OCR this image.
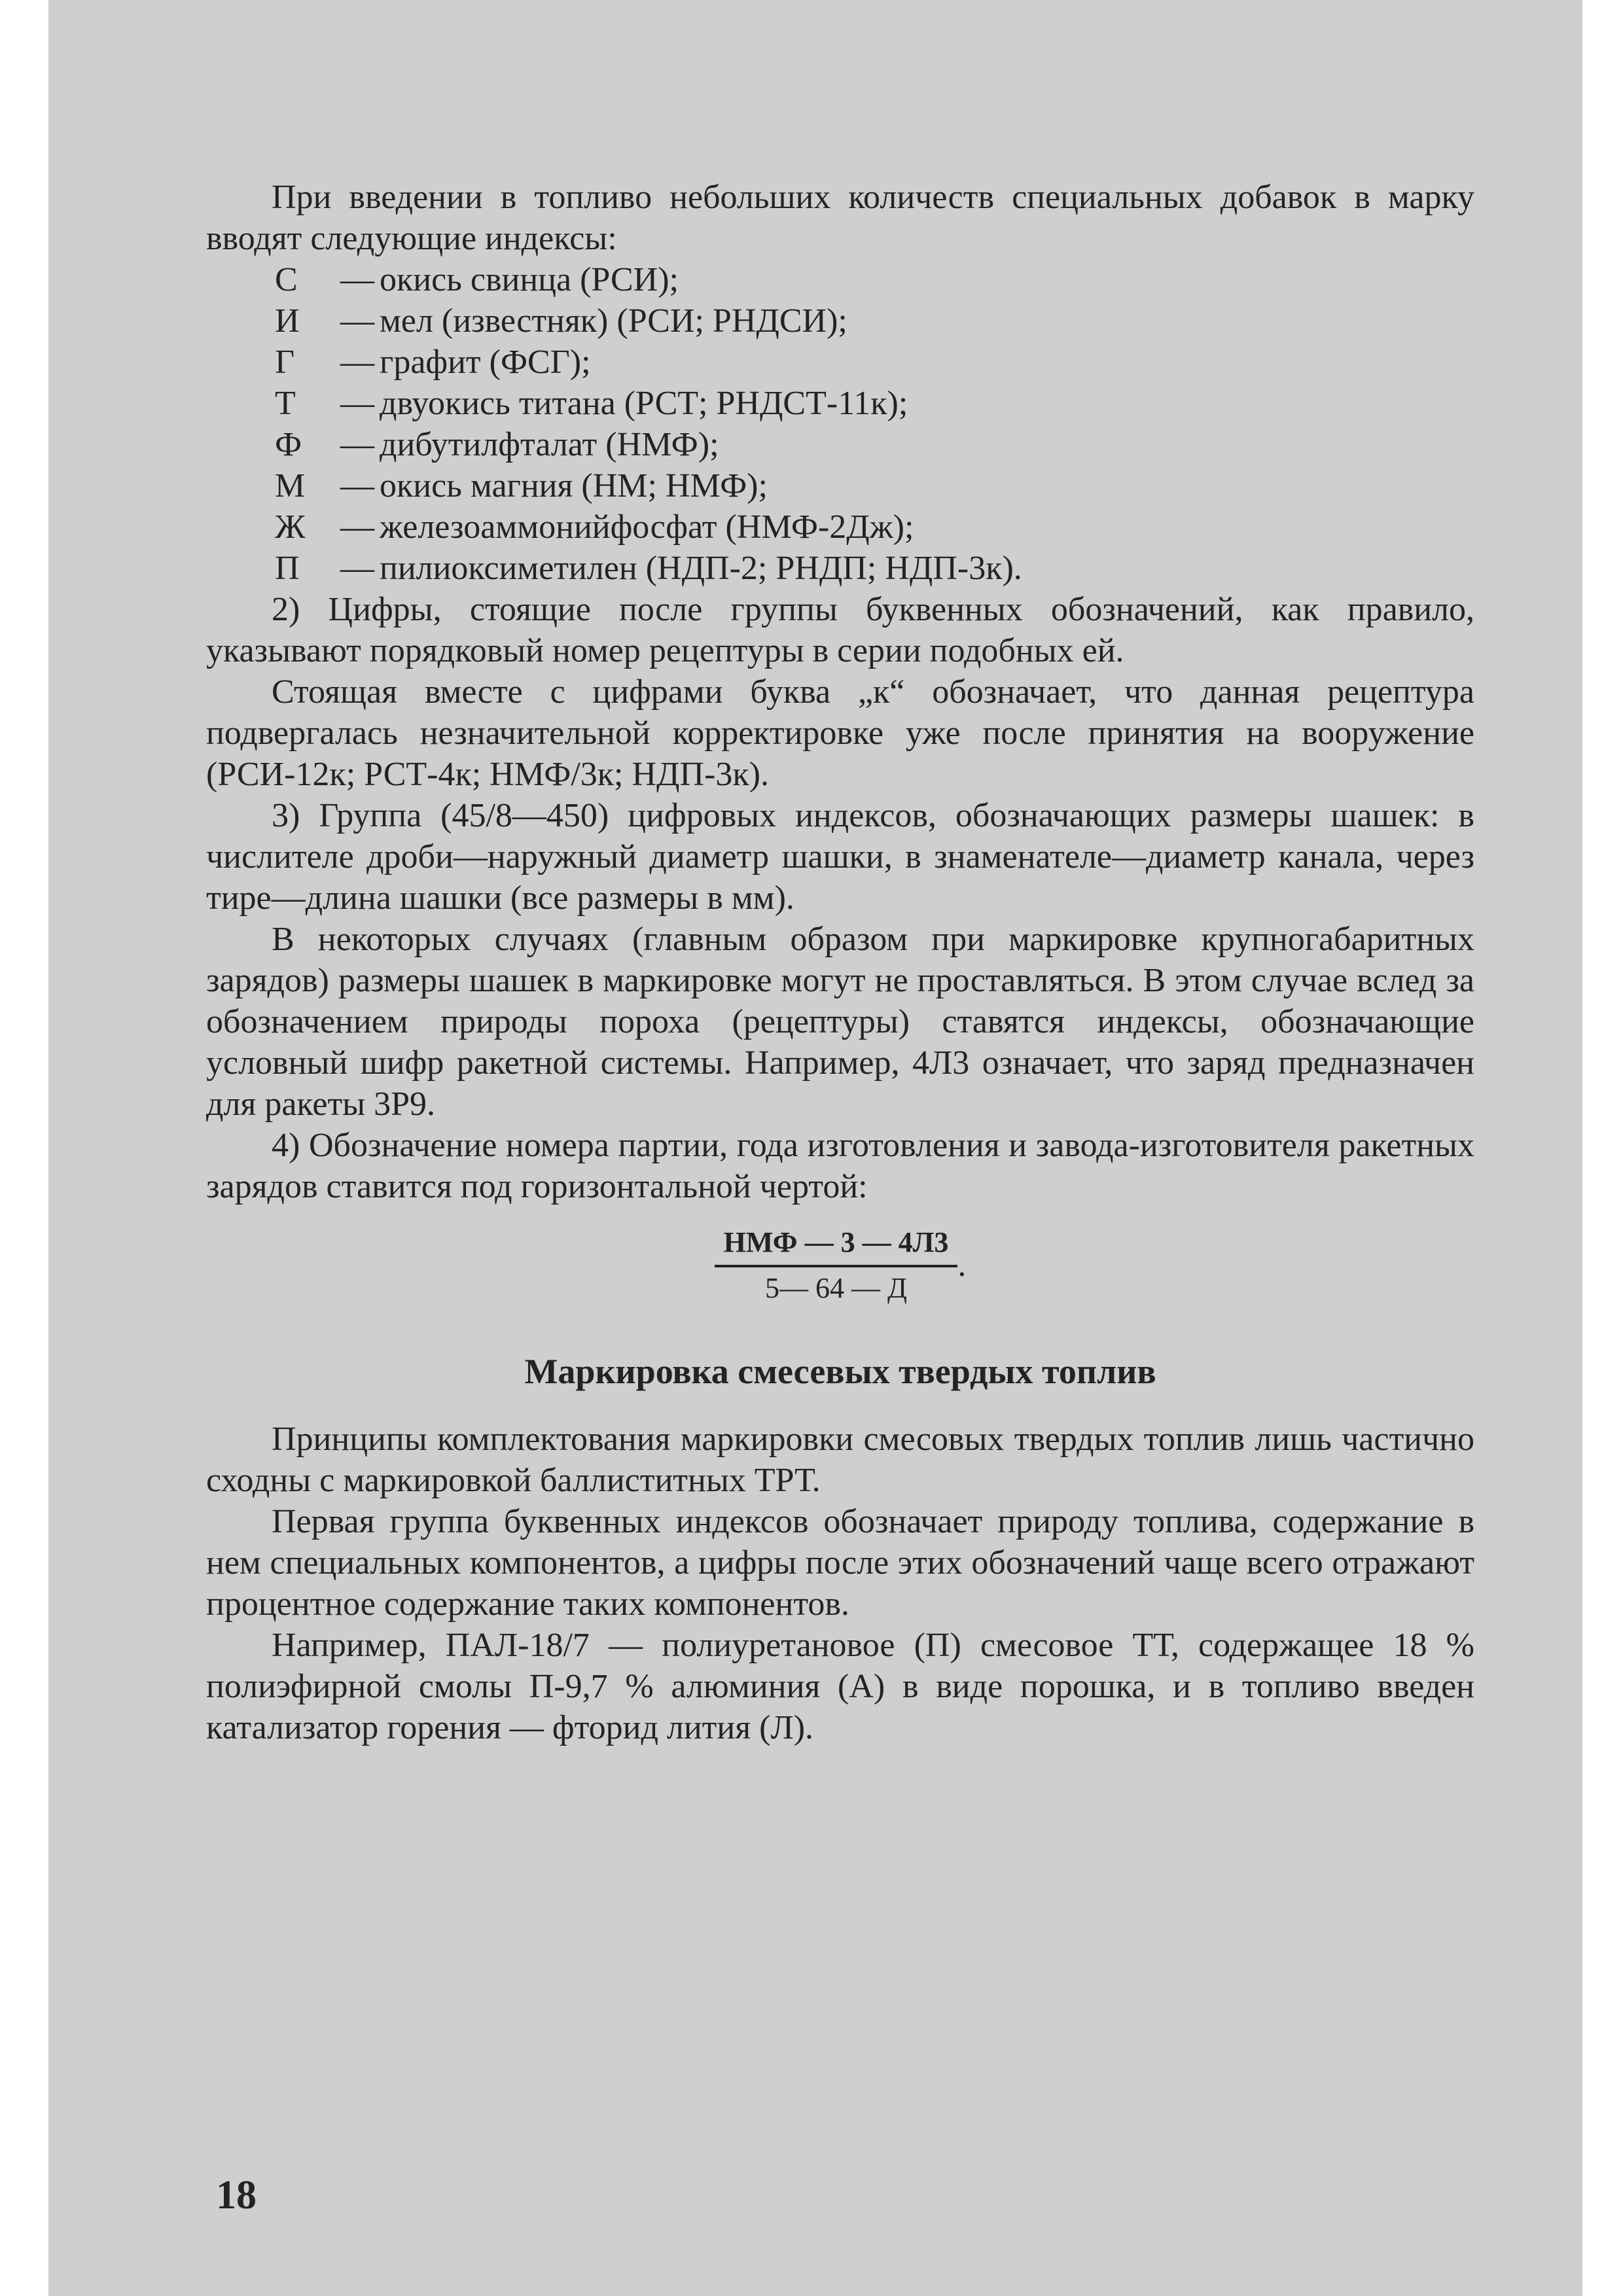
При введении в топливо небольших количеств специальных добавок в марку вводят следующие индексы:

С	— окись свинца (РСИ);
И	— мел (известняк) (РСИ; РНДСИ);
Г	— графит (ФСГ);
Т	— двуокись титана (РСТ; РНДСТ-11к);
Ф	— дибутилфталат (НМФ);
М	— окись магния (НМ; НМФ);
Ж	— железоаммонийфосфат (НМФ-2Дж);
П	— пилиоксиметилен (НДП-2; РНДП; НДП-3к).

2) Цифры, стоящие после группы буквенных обозначений, как правило, указывают порядковый номер рецептуры в серии подобных ей.

Стоящая вместе с цифрами буква „к“ обозначает, что данная рецептура подвергалась незначительной корректировке уже после принятия на вооружение (РСИ-12к; РСТ-4к; НМФ/3к; НДП-3к).

3) Группа (45/8—450) цифровых индексов, обозначающих размеры шашек: в числителе дроби—наружный диаметр шашки, в знаменателе—диаметр канала, через тире—длина шашки (все размеры в мм).

В некоторых случаях (главным образом при маркировке крупногабаритных зарядов) размеры шашек в маркировке могут не проставляться. В этом случае вслед за обозначением природы пороха (рецептуры) ставятся индексы, обозначающие условный шифр ракетной системы. Например, 4Л3 означает, что заряд предназначен для ракеты 3Р9.

4) Обозначение номера партии, года изготовления и завода-изготовителя ракетных зарядов ставится под горизонтальной чертой:

$\frac{\text{НМФ — 3 — 4Л3}}{5— 64 — Д}$ .
Маркировка смесевых твердых топлив

Принципы комплектования маркировки смесовых твердых топлив лишь частично сходны с маркировкой баллиститных ТРТ.

Первая группа буквенных индексов обозначает природу топлива, содержание в нем специальных компонентов, а цифры после этих обозначений чаще всего отражают процентное содержание таких компонентов.

Например, ПАЛ-18/7 — полиуретановое (П) смесовое ТТ, содержащее 18 % полиэфирной смолы П-9,7 % алюминия (А) в виде порошка, и в топливо введен катализатор горения — фторид лития (Л).

18
